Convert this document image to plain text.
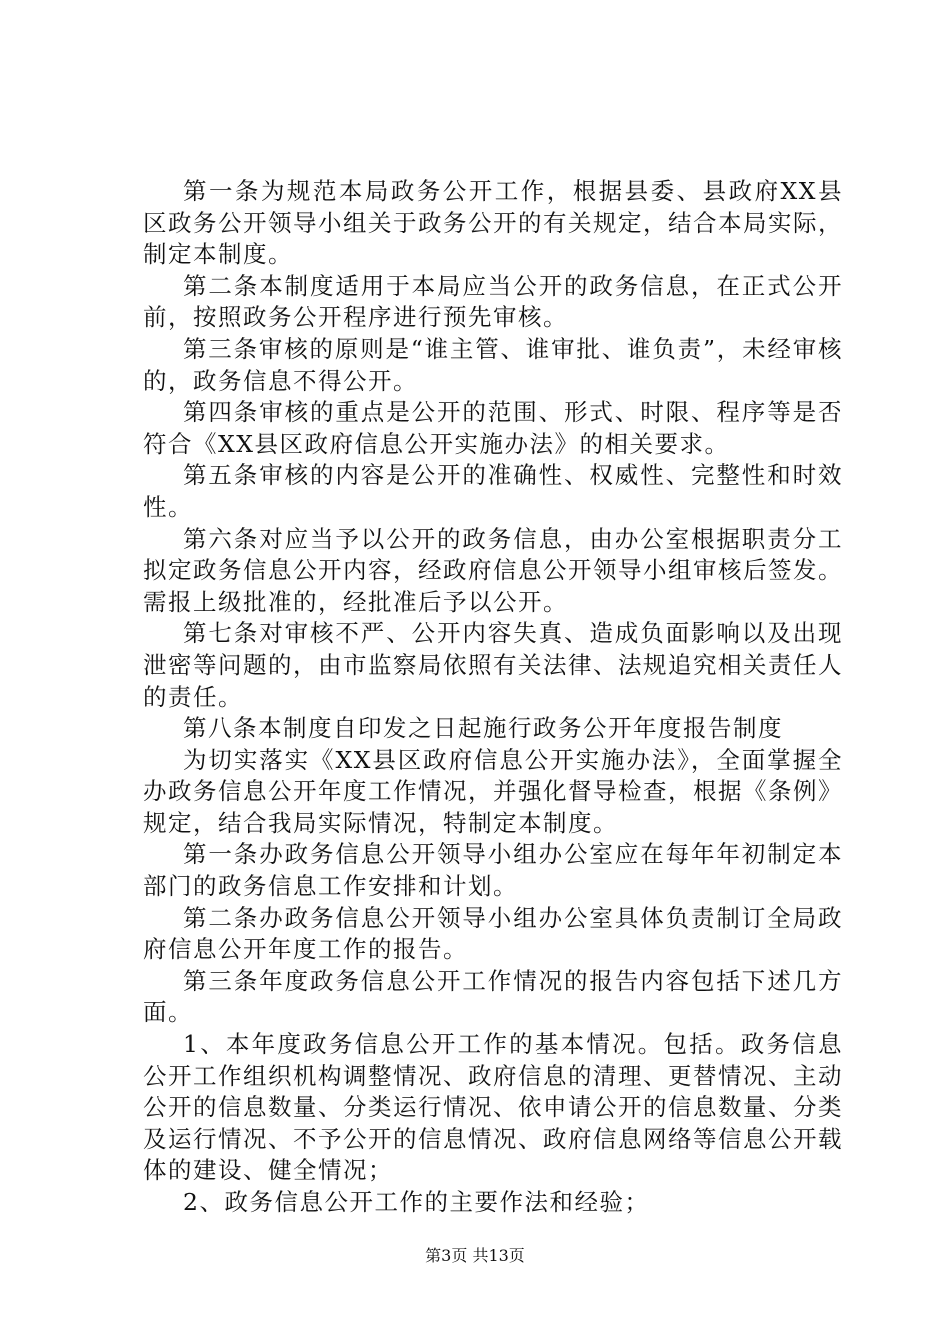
第一条为规范本局政务公开工作，根据县委、县政府XX县区政务公开领导小组关于政务公开的有关规定，结合本局实际，制定本制度。

第二条本制度适用于本局应当公开的政务信息，在正式公开前，按照政务公开程序进行预先审核。

第三条审核的原则是“谁主管、谁审批、谁负责”，未经审核的，政务信息不得公开。

第四条审核的重点是公开的范围、形式、时限、程序等是否符合《XX县区政府信息公开实施办法》的相关要求。

第五条审核的内容是公开的准确性、权威性、完整性和时效性。

第六条对应当予以公开的政务信息，由办公室根据职责分工拟定政务信息公开内容，经政府信息公开领导小组审核后签发。需报上级批准的，经批准后予以公开。

第七条对审核不严、公开内容失真、造成负面影响以及出现泄密等问题的，由市监察局依照有关法律、法规追究相关责任人的责任。

第八条本制度自印发之日起施行政务公开年度报告制度

为切实落实《XX县区政府信息公开实施办法》，全面掌握全办政务信息公开年度工作情况，并强化督导检查，根据《条例》规定，结合我局实际情况，特制定本制度。

第一条办政务信息公开领导小组办公室应在每年年初制定本部门的政务信息工作安排和计划。

第二条办政务信息公开领导小组办公室具体负责制订全局政府信息公开年度工作的报告。

第三条年度政务信息公开工作情况的报告内容包括下述几方面。

1、本年度政务信息公开工作的基本情况。包括。政务信息公开工作组织机构调整情况、政府信息的清理、更替情况、主动公开的信息数量、分类运行情况、依申请公开的信息数量、分类及运行情况、不予公开的信息情况、政府信息网络等信息公开载体的建设、健全情况；

2、政务信息公开工作的主要作法和经验；

第3页 共13页
